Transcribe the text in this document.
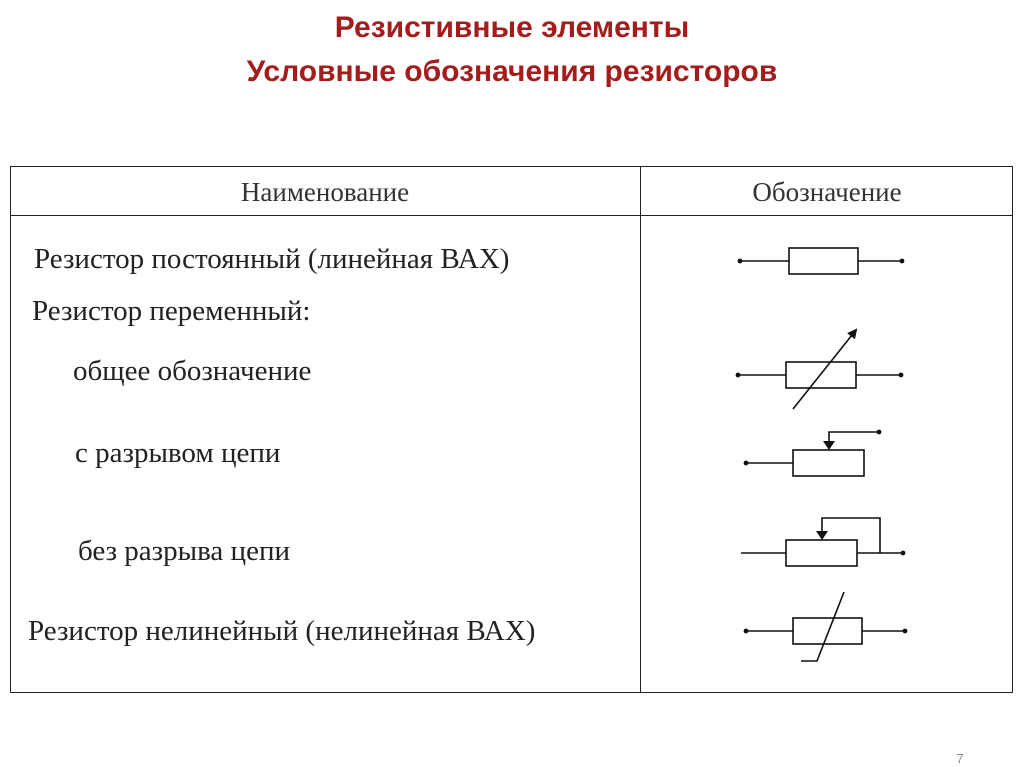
Резистивные элементы
Условные обозначения резисторов
Наименование	Обозначение
Резистор постоянный (линейная ВАХ)
Резистор переменный:
общее обозначение
с разрывом цепи
без разрыва цепи
Резистор нелинейный (нелинейная ВАХ)
7
